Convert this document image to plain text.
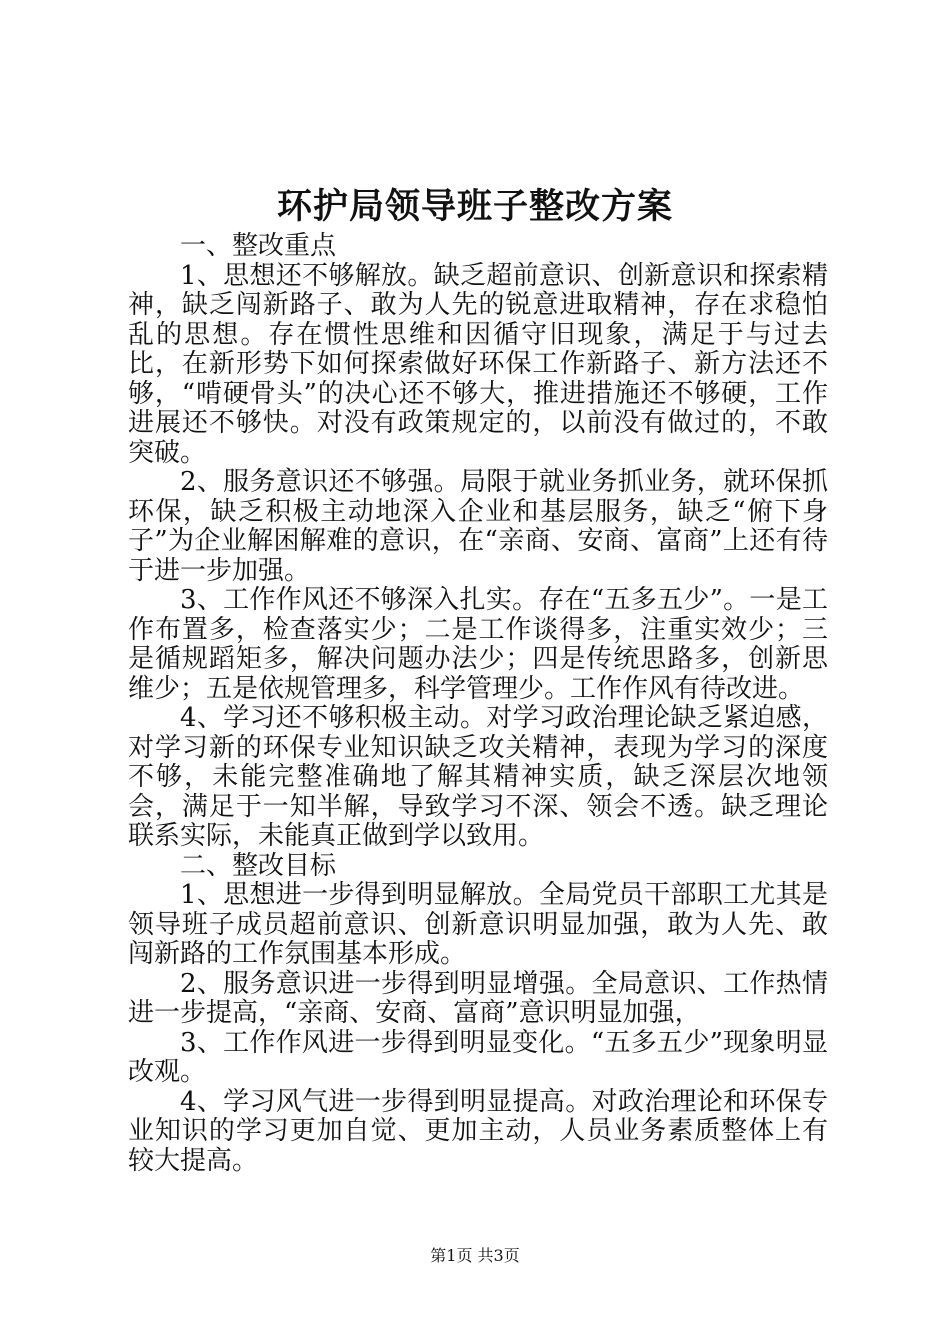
环护局领导班子整改方案

一、整改重点

1、思想还不够解放。缺乏超前意识、创新意识和探索精神，缺乏闯新路子、敢为人先的锐意进取精神，存在求稳怕乱的思想。存在惯性思维和因循守旧现象，满足于与过去比，在新形势下如何探索做好环保工作新路子、新方法还不够，“啃硬骨头”的决心还不够大，推进措施还不够硬，工作进展还不够快。对没有政策规定的，以前没有做过的，不敢突破。

2、服务意识还不够强。局限于就业务抓业务，就环保抓环保，缺乏积极主动地深入企业和基层服务，缺乏“俯下身子”为企业解困解难的意识，在“亲商、安商、富商”上还有待于进一步加强。

3、工作作风还不够深入扎实。存在“五多五少”。一是工作布置多，检查落实少；二是工作谈得多，注重实效少；三是循规蹈矩多，解决问题办法少；四是传统思路多，创新思维少；五是依规管理多，科学管理少。工作作风有待改进。

4、学习还不够积极主动。对学习政治理论缺乏紧迫感，对学习新的环保专业知识缺乏攻关精神，表现为学习的深度不够，未能完整准确地了解其精神实质，缺乏深层次地领会，满足于一知半解，导致学习不深、领会不透。缺乏理论联系实际，未能真正做到学以致用。

二、整改目标

1、思想进一步得到明显解放。全局党员干部职工尤其是领导班子成员超前意识、创新意识明显加强，敢为人先、敢闯新路的工作氛围基本形成。

2、服务意识进一步得到明显增强。全局意识、工作热情进一步提高，“亲商、安商、富商”意识明显加强，

3、工作作风进一步得到明显变化。“五多五少”现象明显改观。

4、学习风气进一步得到明显提高。对政治理论和环保专业知识的学习更加自觉、更加主动，人员业务素质整体上有较大提高。

第1页 共3页
